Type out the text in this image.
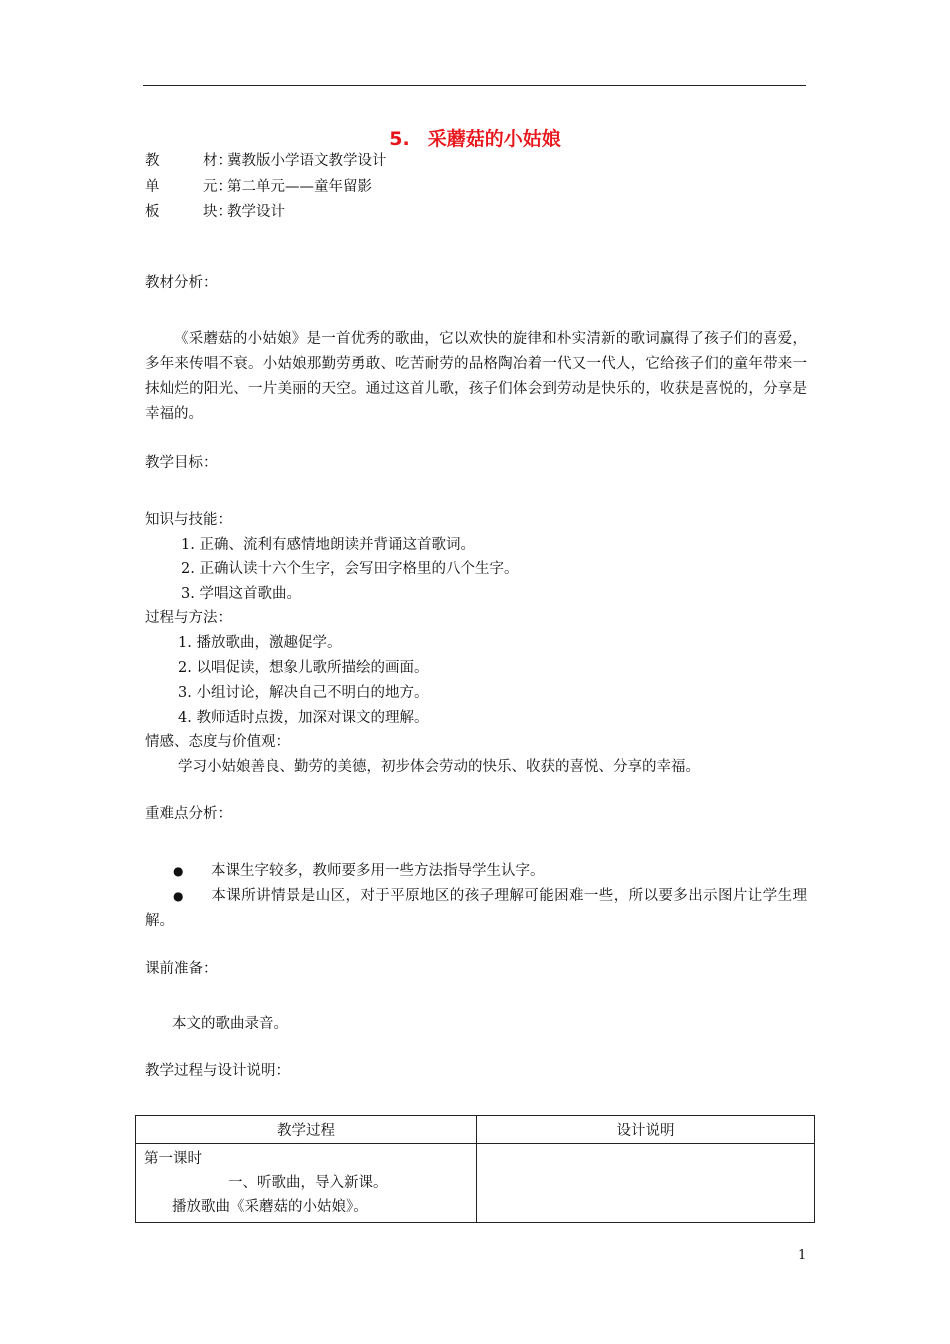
5. 采蘑菇的小姑娘
教	材：冀教版小学语文教学设计
单	元：第二单元——童年留影
板	块：教学设计
教材分析：

《采蘑菇的小姑娘》是一首优秀的歌曲，它以欢快的旋律和朴实清新的歌词赢得了孩子们的喜爱，多年来传唱不衰。小姑娘那勤劳勇敢、吃苦耐劳的品格陶冶着一代又一代人，它给孩子们的童年带来一抹灿烂的阳光、一片美丽的天空。通过这首儿歌，孩子们体会到劳动是快乐的，收获是喜悦的，分享是幸福的。

教学目标：
知识与技能：
1. 正确、流利有感情地朗读并背诵这首歌词。
2. 正确认读十六个生字，会写田字格里的八个生字。
3. 学唱这首歌曲。
过程与方法：
1. 播放歌曲，激趣促学。
2. 以唱促读，想象儿歌所描绘的画面。
3. 小组讨论，解决自己不明白的地方。
4. 教师适时点拨，加深对课文的理解。
情感、态度与价值观：
学习小姑娘善良、勤劳的美德，初步体会劳动的快乐、收获的喜悦、分享的幸福。
重难点分析：
● 本课生字较多，教师要多用一些方法指导学生认字。

● 本课所讲情景是山区，对于平原地区的孩子理解可能困难一些，所以要多出示图片让学生理解。

课前准备：
本文的歌曲录音。
教学过程与设计说明：
教学过程	设计说明

第一课时
一、听歌曲，导入新课。
播放歌曲《采蘑菇的小姑娘》。	

1
